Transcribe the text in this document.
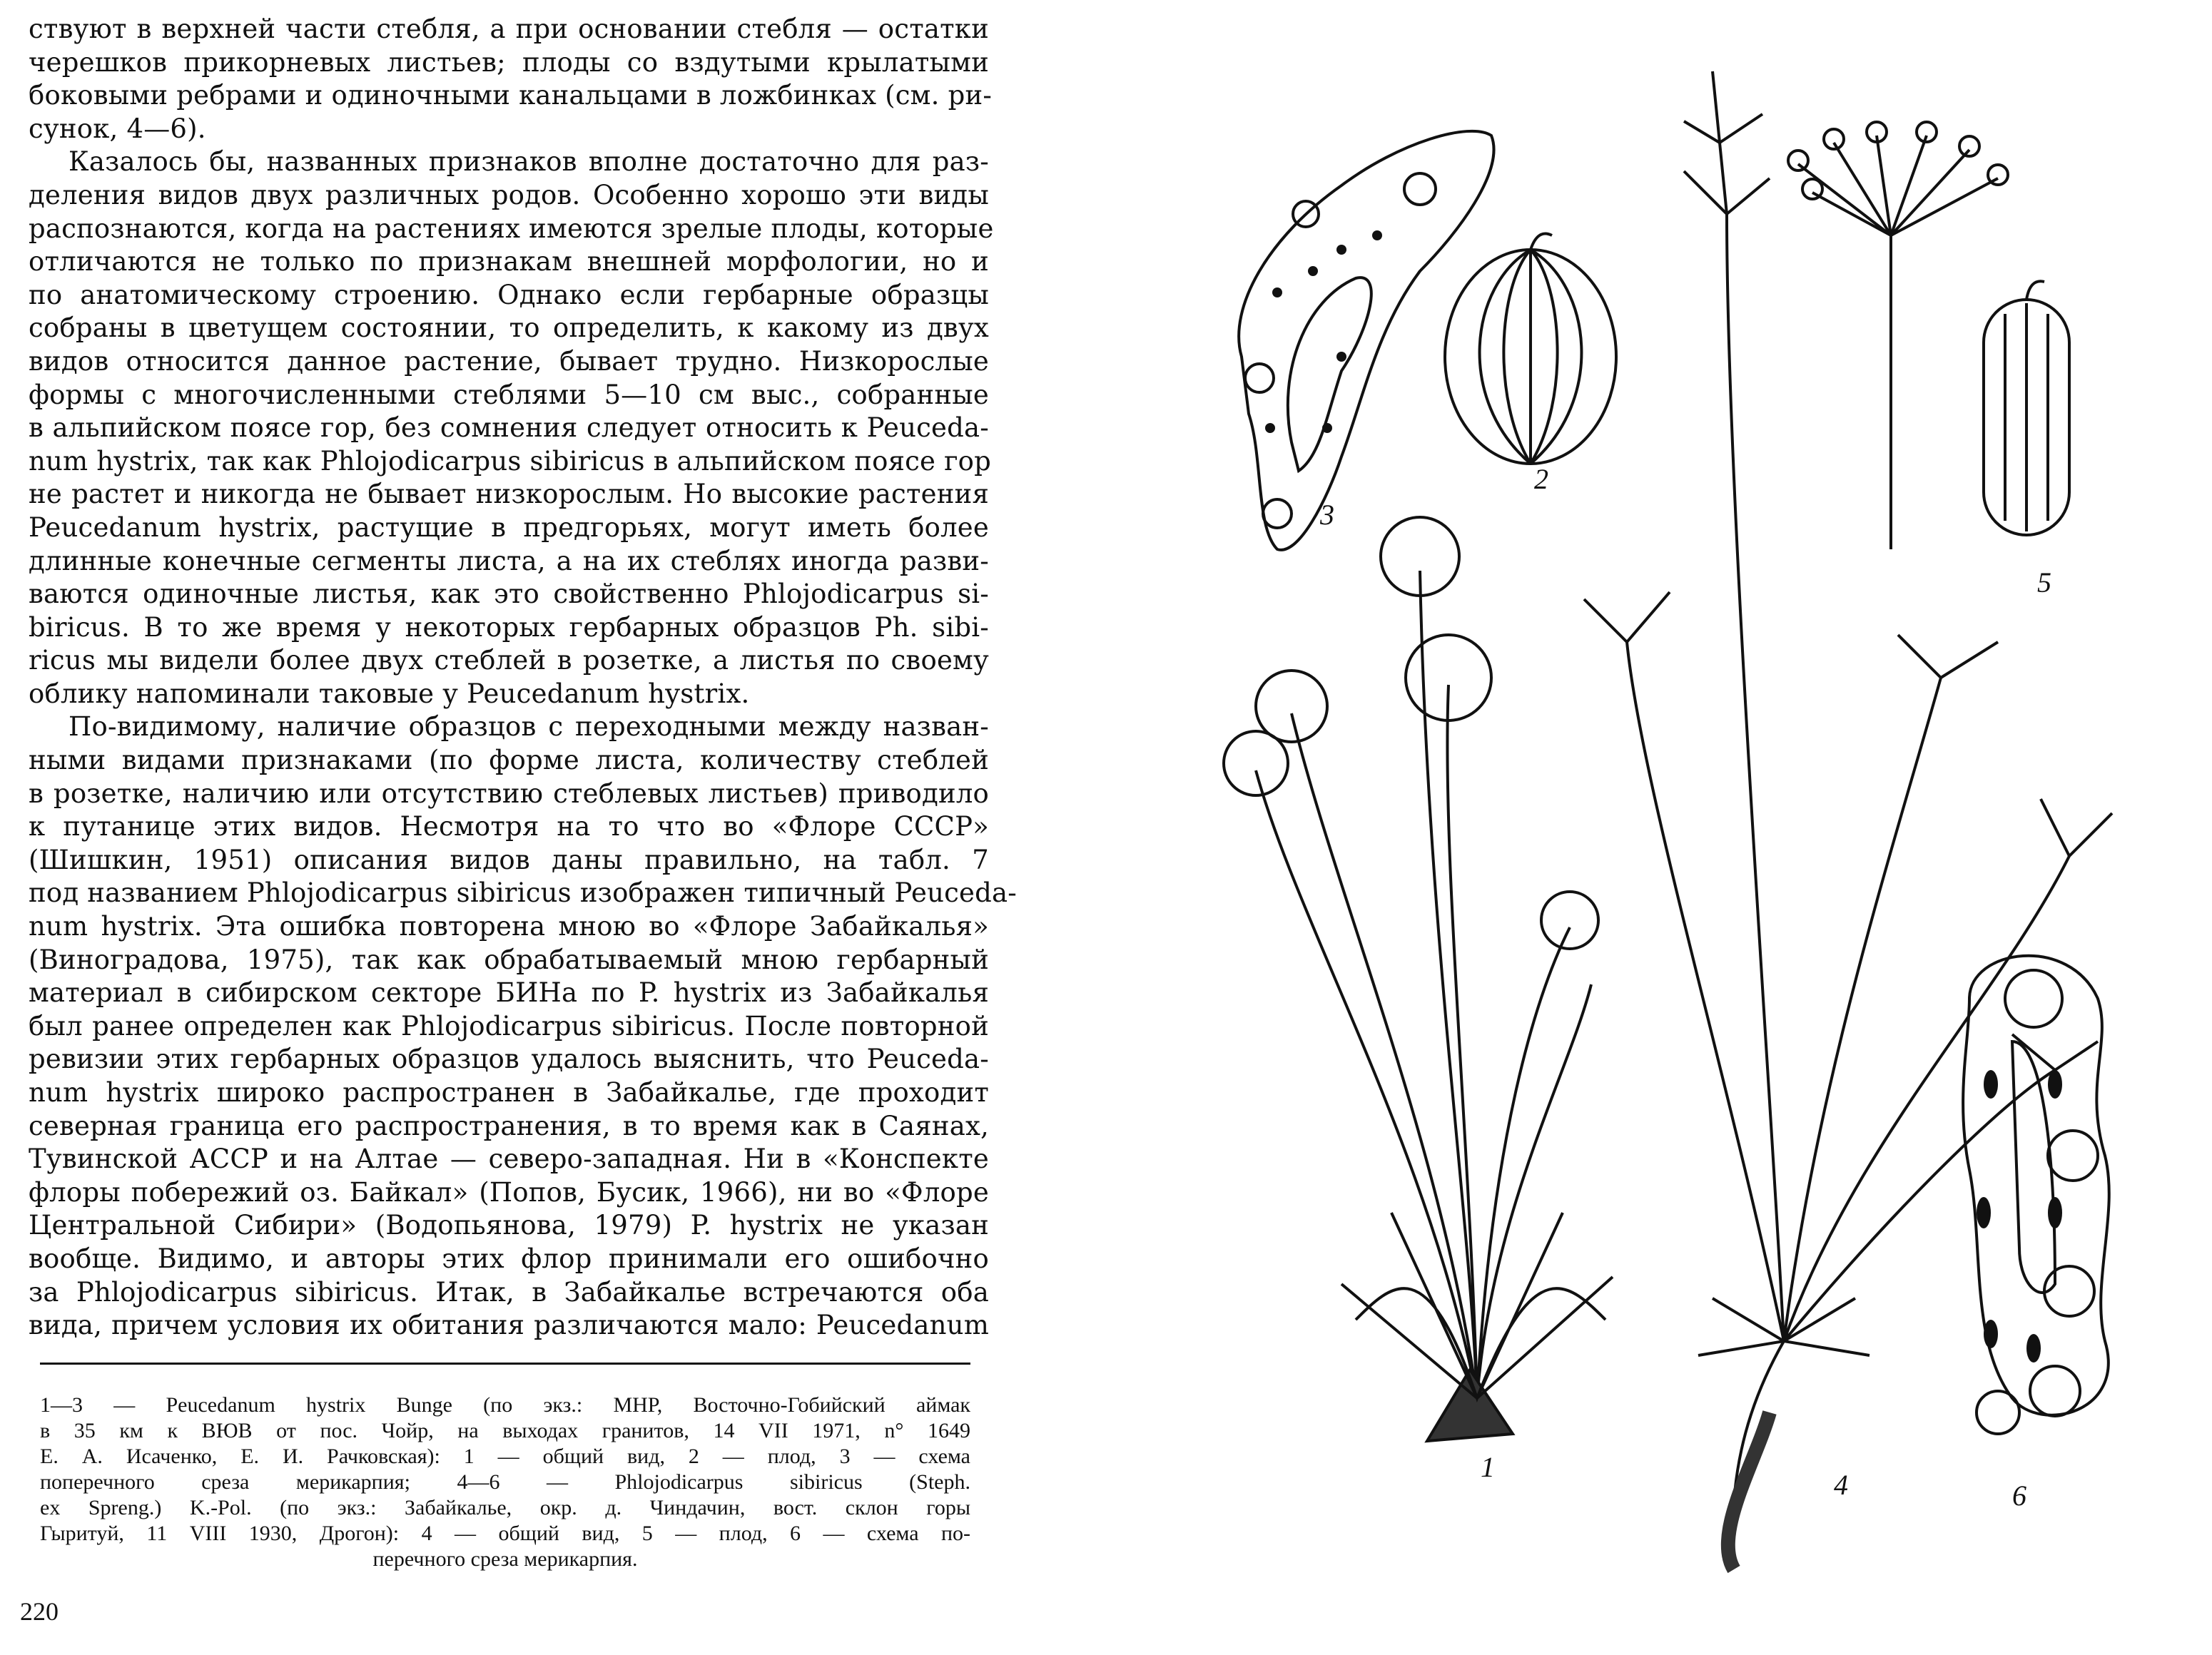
ствуют в верхней части стебля, а при основании стебля — остатки
черешков прикорневых листьев; плоды со вздутыми крылатыми
боковыми ребрами и одиночными канальцами в ложбинках (см. ри-
сунок, 4—6).
Казалось бы, названных признаков вполне достаточно для раз-
деления видов двух различных родов. Особенно хорошо эти виды
распознаются, когда на растениях имеются зрелые плоды, которые
отличаются не только по признакам внешней морфологии, но и
по анатомическому строению. Однако если гербарные образцы
собраны в цветущем состоянии, то определить, к какому из двух
видов относится данное растение, бывает трудно. Низкорослые
формы с многочисленными стеблями 5—10 см выс., собранные
в альпийском поясе гор, без сомнения следует относить к Peuceda-
num hystrix, так как Phlojodicarpus sibiricus в альпийском поясе гор
не растет и никогда не бывает низкорослым. Но высокие растения
Peucedanum hystrix, растущие в предгорьях, могут иметь более
длинные конечные сегменты листа, а на их стеблях иногда разви-
ваются одиночные листья, как это свойственно Phlojodicarpus si-
biricus. В то же время у некоторых гербарных образцов Ph. sibi-
ricus мы видели более двух стеблей в розетке, а листья по своему
облику напоминали таковые у Peucedanum hystrix.
По-видимому, наличие образцов с переходными между назван-
ными видами признаками (по форме листа, количеству стеблей
в розетке, наличию или отсутствию стеблевых листьев) приводило
к путанице этих видов. Несмотря на то что во «Флоре СССР»
(Шишкин, 1951) описания видов даны правильно, на табл. 7
под названием Phlojodicarpus sibiricus изображен типичный Peuceda-
num hystrix. Эта ошибка повторена мною во «Флоре Забайкалья»
(Виноградова, 1975), так как обрабатываемый мною гербарный
материал в сибирском секторе БИНа по P. hystrix из Забайкалья
был ранее определен как Phlojodicarpus sibiricus. После повторной
ревизии этих гербарных образцов удалось выяснить, что Peuceda-
num hystrix широко распространен в Забайкалье, где проходит
северная граница его распространения, в то время как в Саянах,
Тувинской АССР и на Алтае — северо-западная. Ни в «Конспекте
флоры побережий оз. Байкал» (Попов, Бусик, 1966), ни во «Флоре
Центральной Сибири» (Водопьянова, 1979) P. hystrix не указан
вообще. Видимо, и авторы этих флор принимали его ошибочно
за Phlojodicarpus sibiricus. Итак, в Забайкалье встречаются оба
вида, причем условия их обитания различаются мало: Peucedanum
1—3 — Peucedanum hystrix Bunge (по экз.: МНР, Восточно-Гобийский аймак
в 35 км к ВЮВ от пос. Чойр, на выходах гранитов, 14 VII 1971, n° 1649
Е. А. Исаченко, Е. И. Рачковская): 1 — общий вид, 2 — плод, 3 — схема
поперечного среза мерикарпия; 4—6 — Phlojodicarpus sibiricus (Steph.
ex Spreng.) K.-Pol. (по экз.: Забайкалье, окр. д. Чиндачин, вост. склон горы
Гыритуй, 11 VIII 1930, Дрогон): 4 — общий вид, 5 — плод, 6 — схема по-
перечного среза мерикарпия.
220
3
2
5
1
4	6
